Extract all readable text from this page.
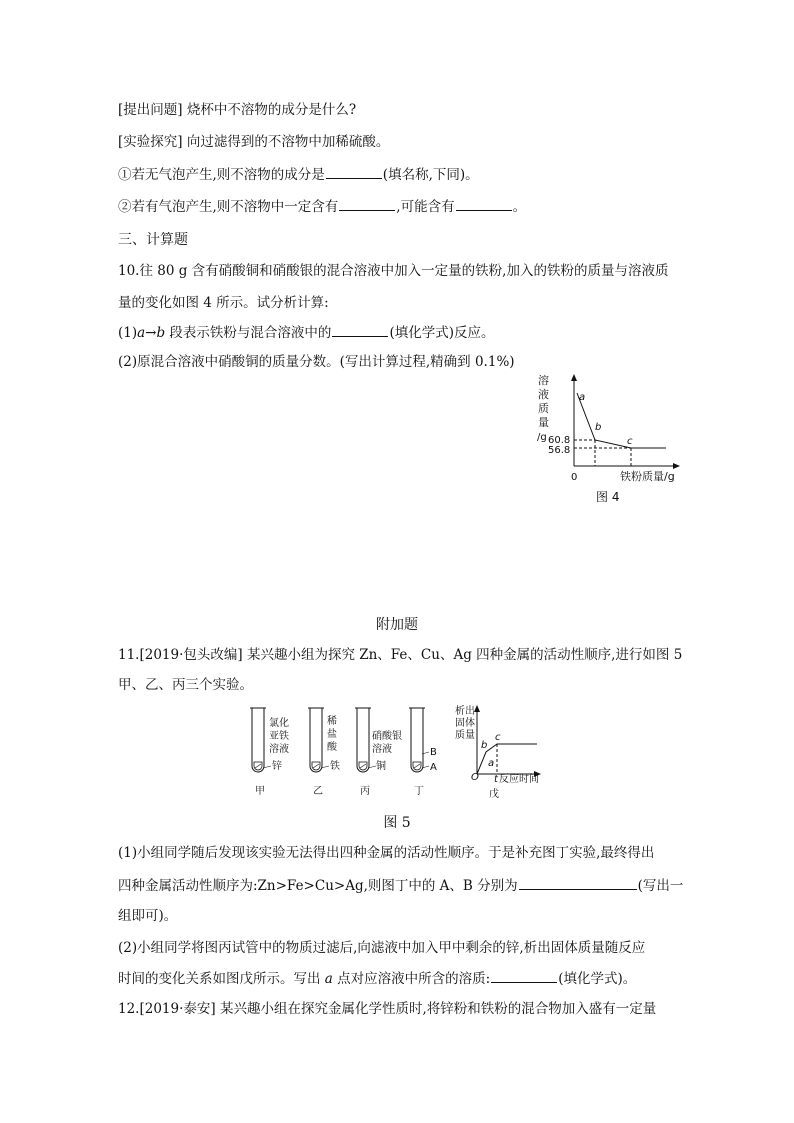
[提出问题] 烧杯中不溶物的成分是什么?
[实验探究] 向过滤得到的不溶物中加稀硫酸。
①若无气泡产生,则不溶物的成分是	(填名称,下同)。
②若有气泡产生,则不溶物中一定含有	,可能含有	。
三、计算题
10.往 80 g 含有硝酸铜和硝酸银的混合溶液中加入一定量的铁粉,加入的铁粉的质量与溶液质
量的变化如图 4 所示。试分析计算:
(1)a→b 段表示铁粉与混合溶液中的	(填化学式)反应。
(2)原混合溶液中硝酸铜的质量分数。(写出计算过程,精确到 0.1%)
溶
液
质
量
/g
a
b
c
60.8
56.8
0	铁粉质量/g
图 4
附加题
11.[2019·包头改编] 某兴趣小组为探究 Zn、Fe、Cu、Ag 四种金属的活动性顺序,进行如图 5
甲、乙、丙三个实验。
氯化
亚铁
溶液
锌
甲
稀
盐
酸
铁
乙
硝酸银
溶液
铜
丙
B
A
丁
析出
固体
质量
O
a
b
c
t 反应时间
戊
图 5
(1)小组同学随后发现该实验无法得出四种金属的活动性顺序。于是补充图丁实验,最终得出
四种金属活动性顺序为:Zn>Fe>Cu>Ag,则图丁中的 A、B 分别为	(写出一
组即可)。
(2)小组同学将图丙试管中的物质过滤后,向滤液中加入甲中剩余的锌,析出固体质量随反应
时间的变化关系如图戊所示。写出 a 点对应溶液中所含的溶质:	(填化学式)。
12.[2019·泰安] 某兴趣小组在探究金属化学性质时,将锌粉和铁粉的混合物加入盛有一定量
